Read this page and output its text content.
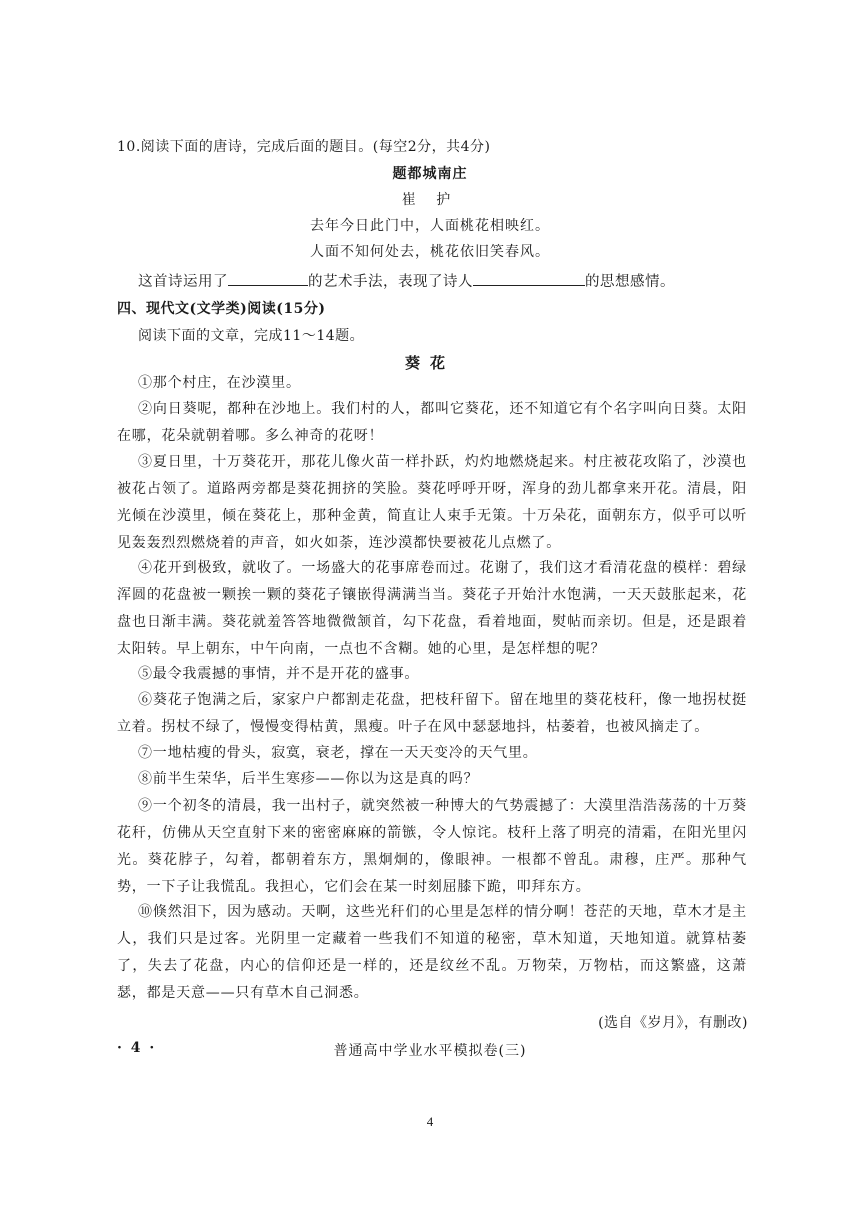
10.阅读下面的唐诗，完成后面的题目。(每空2分，共4分)
题都城南庄
崔 护
去年今日此门中，人面桃花相映红。
人面不知何处去，桃花依旧笑春风。
这首诗运用了	的艺术手法，表现了诗人	的思想感情。
四、现代文(文学类)阅读(15分)
阅读下面的文章，完成11～14题。
葵花
①那个村庄，在沙漠里。
②向日葵呢，都种在沙地上。我们村的人，都叫它葵花，还不知道它有个名字叫向日葵。太阳在哪，花朵就朝着哪。多么神奇的花呀！
③夏日里，十万葵花开，那花儿像火苗一样扑跃，灼灼地燃烧起来。村庄被花攻陷了，沙漠也被花占领了。道路两旁都是葵花拥挤的笑脸。葵花呼呼开呀，浑身的劲儿都拿来开花。清晨，阳光倾在沙漠里，倾在葵花上，那种金黄，简直让人束手无策。十万朵花，面朝东方，似乎可以听见轰轰烈烈燃烧着的声音，如火如荼，连沙漠都快要被花儿点燃了。
④花开到极致，就收了。一场盛大的花事席卷而过。花谢了，我们这才看清花盘的模样：碧绿浑圆的花盘被一颗挨一颗的葵花子镶嵌得满满当当。葵花子开始汁水饱满，一天天鼓胀起来，花盘也日渐丰满。葵花就羞答答地微微颔首，勾下花盘，看着地面，熨帖而亲切。但是，还是跟着太阳转。早上朝东，中午向南，一点也不含糊。她的心里，是怎样想的呢？
⑤最令我震撼的事情，并不是开花的盛事。
⑥葵花子饱满之后，家家户户都割走花盘，把枝秆留下。留在地里的葵花枝秆，像一地拐杖挺立着。拐杖不绿了，慢慢变得枯黄，黑瘦。叶子在风中瑟瑟地抖，枯萎着，也被风摘走了。
⑦一地枯瘦的骨头，寂寞，衰老，撑在一天天变冷的天气里。
⑧前半生荣华，后半生寒疹——你以为这是真的吗？
⑨一个初冬的清晨，我一出村子，就突然被一种博大的气势震撼了：大漠里浩浩荡荡的十万葵花秆，仿佛从天空直射下来的密密麻麻的箭镞，令人惊诧。枝秆上落了明亮的清霜，在阳光里闪光。葵花脖子，勾着，都朝着东方，黑炯炯的，像眼神。一根都不曾乱。肃穆，庄严。那种气势，一下子让我慌乱。我担心，它们会在某一时刻屈膝下跪，叩拜东方。
⑩倏然泪下，因为感动。天啊，这些光秆们的心里是怎样的情分啊！苍茫的天地，草木才是主人，我们只是过客。光阴里一定藏着一些我们不知道的秘密，草木知道，天地知道。就算枯萎了，失去了花盘，内心的信仰还是一样的，还是纹丝不乱。万物荣，万物枯，而这繁盛，这萧瑟，都是天意——只有草木自己洞悉。
(选自《岁月》，有删改)
· 4 ·	普通高中学业水平模拟卷(三)
4
